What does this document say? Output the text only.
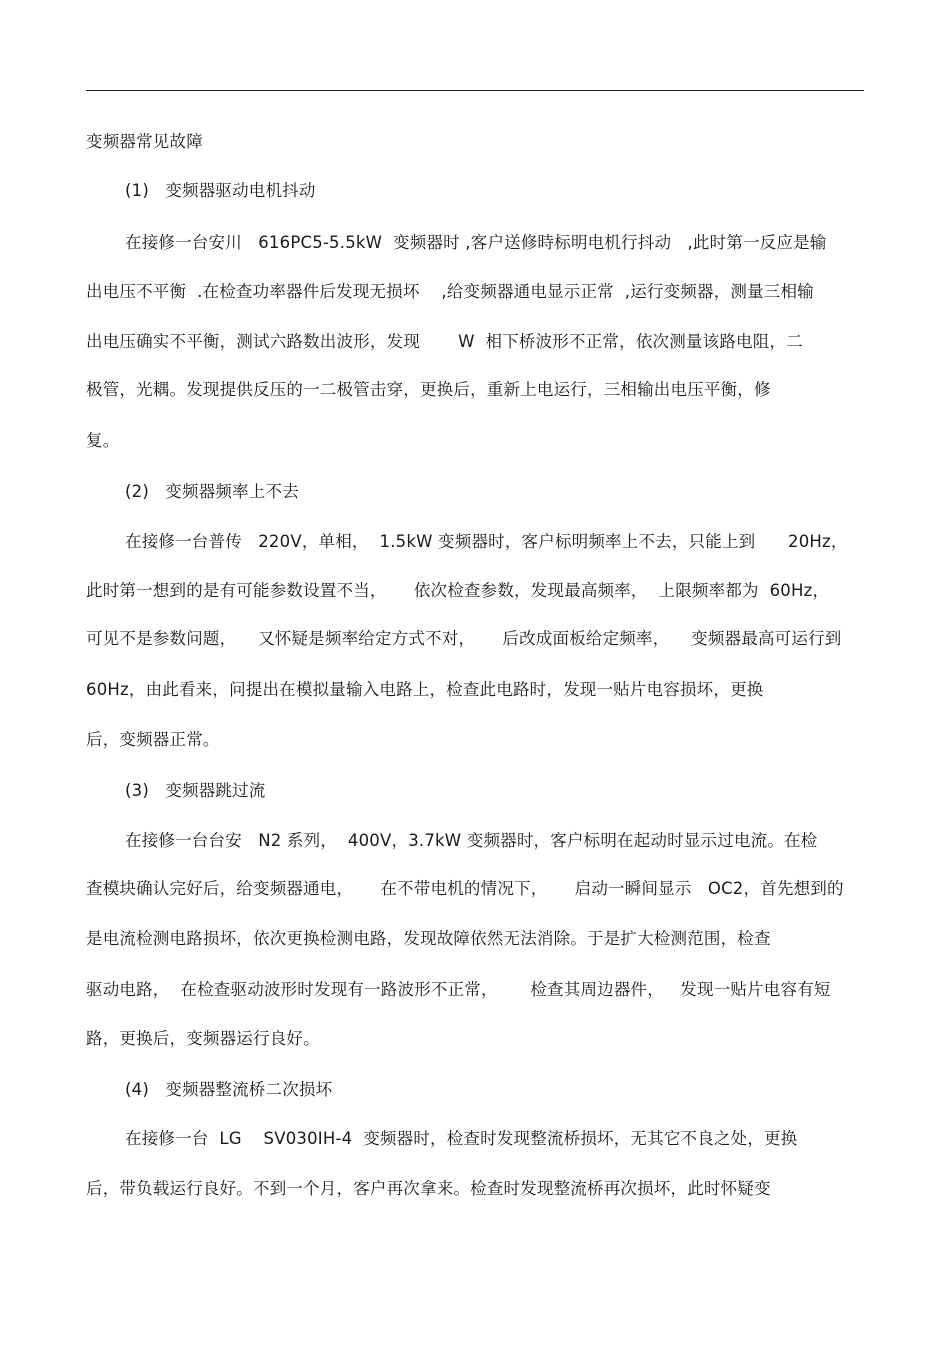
变频器常见故障
(1)   变频器驱动电机抖动
在接修一台安川   616PC5-5.5kW  变频器时 ,客户送修時标明电机行抖动   ,此时第一反应是输
出电压不平衡  .在检查功率器件后发现无损坏    ,给变频器通电显示正常  ,运行变频器，测量三相输
出电压确实不平衡，测试六路数出波形，发现       W  相下桥波形不正常，依次测量该路电阻，二
极管，光耦。发现提供反压的一二极管击穿，更换后，重新上电运行，三相输出电压平衡，修
复。
(2)   变频器频率上不去
在接修一台普传   220V，单相，  1.5kW 变频器时，客户标明频率上不去，只能上到      20Hz，
此时第一想到的是有可能参数设置不当，     依次检查参数，发现最高频率，  上限频率都为  60Hz，
可见不是参数问题，    又怀疑是频率给定方式不对，     后改成面板给定频率，    变频器最高可运行到
60Hz，由此看来，问提出在模拟量输入电路上，检查此电路时，发现一贴片电容损坏，更换
后，变频器正常。
(3)   变频器跳过流
在接修一台台安   N2 系列，  400V，3.7kW 变频器时，客户标明在起动时显示过电流。在检
查模块确认完好后，给变频器通电，     在不带电机的情况下，     启动一瞬间显示   OC2，首先想到的
是电流检测电路损坏，依次更换检测电路，发现故障依然无法消除。于是扩大检测范围，检查
驱动电路，  在检查驱动波形时发现有一路波形不正常，      检查其周边器件，   发现一贴片电容有短
路，更换后，变频器运行良好。
(4)   变频器整流桥二次损坏
在接修一台  LG    SV030IH-4  变频器时，检查时发现整流桥损坏，无其它不良之处，更换
后，带负载运行良好。不到一个月，客户再次拿来。检查时发现整流桥再次损坏，此时怀疑变
